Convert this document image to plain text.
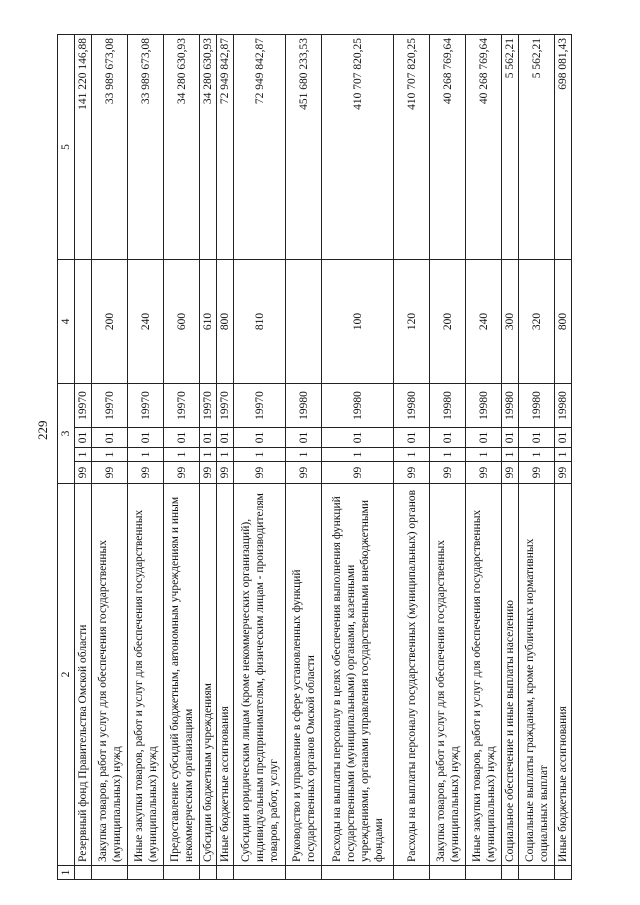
229
1	2	3				4	5
	Резервный фонд Правительства Омской области	99	1	01	19970		141 220 146,88
	Закупка товаров, работ и услуг для обеспечения государственных (муниципальных) нужд	99	1	01	19970	200	33 989 673,08
	Иные закупки товаров, работ и услуг для обеспечения государственных (муниципальных) нужд	99	1	01	19970	240	33 989 673,08
	Предоставление субсидий бюджетным, автономным учреждениям и иным некоммерческим организациям	99	1	01	19970	600	34 280 630,93
	Субсидии бюджетным учреждениям	99	1	01	19970	610	34 280 630,93
	Иные бюджетные ассигнования	99	1	01	19970	800	72 949 842,87
	Субсидии юридическим лицам (кроме некоммерческих организаций), индивидуальным предпринимателям, физическим лицам - производителям товаров, работ, услуг	99	1	01	19970	810	72 949 842,87
	Руководство и управление в сфере установленных функций государственных органов Омской области	99	1	01	19980		451 680 233,53
	Расходы на выплаты персоналу в целях обеспечения выполнения функций государственными (муниципальными) органами, казенными учреждениями, органами управления государственными внебюджетными фондами	99	1	01	19980	100	410 707 820,25
	Расходы на выплаты персоналу государственных (муниципальных) органов	99	1	01	19980	120	410 707 820,25
	Закупка товаров, работ и услуг для обеспечения государственных (муниципальных) нужд	99	1	01	19980	200	40 268 769,64
	Иные закупки товаров, работ и услуг для обеспечения государственных (муниципальных) нужд	99	1	01	19980	240	40 268 769,64
	Социальное обеспечение и иные выплаты населению	99	1	01	19980	300	5 562,21
	Социальные выплаты гражданам, кроме публичных нормативных социальных выплат	99	1	01	19980	320	5 562,21
	Иные бюджетные ассигнования	99	1	01	19980	800	698 081,43
